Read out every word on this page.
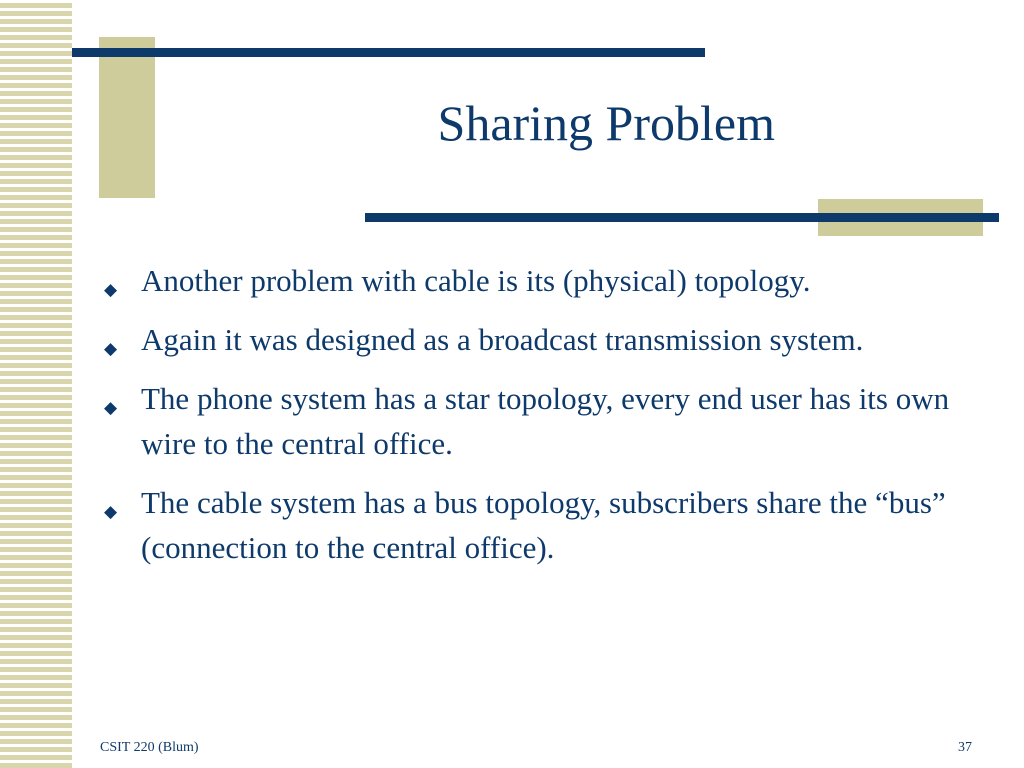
Sharing Problem
◆ Another problem with cable is its (physical) topology.
◆ Again it was designed as a broadcast transmission system.
◆ The phone system has a star topology, every end user has its own wire to the central office.
◆ The cable system has a bus topology, subscribers share the “bus” (connection to the central office).
CSIT 220 (Blum)	37
